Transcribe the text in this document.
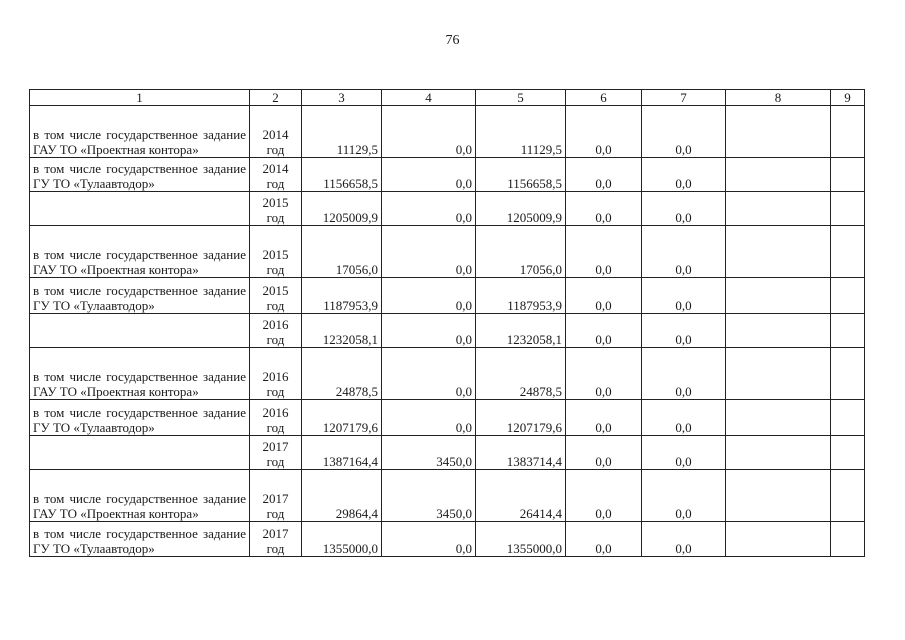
76
1	2	3	4	5	6	7	8	9
в том числе государственное задание ГАУ ТО «Проектная контора»	2014 год	11129,5	0,0	11129,5	0,0	0,0		
в том числе государственное задание ГУ ТО «Тулаавтодор»	2014 год	1156658,5	0,0	1156658,5	0,0	0,0		
	2015 год	1205009,9	0,0	1205009,9	0,0	0,0		
в том числе государственное задание ГАУ ТО «Проектная контора»	2015 год	17056,0	0,0	17056,0	0,0	0,0		
в том числе государственное задание ГУ ТО «Тулаавтодор»	2015 год	1187953,9	0,0	1187953,9	0,0	0,0		
	2016 год	1232058,1	0,0	1232058,1	0,0	0,0		
в том числе государственное задание ГАУ ТО «Проектная контора»	2016 год	24878,5	0,0	24878,5	0,0	0,0		
в том числе государственное задание ГУ ТО «Тулаавтодор»	2016 год	1207179,6	0,0	1207179,6	0,0	0,0		
	2017 год	1387164,4	3450,0	1383714,4	0,0	0,0		
в том числе государственное задание ГАУ ТО «Проектная контора»	2017 год	29864,4	3450,0	26414,4	0,0	0,0		
в том числе государственное задание ГУ ТО «Тулаавтодор»	2017 год	1355000,0	0,0	1355000,0	0,0	0,0		
